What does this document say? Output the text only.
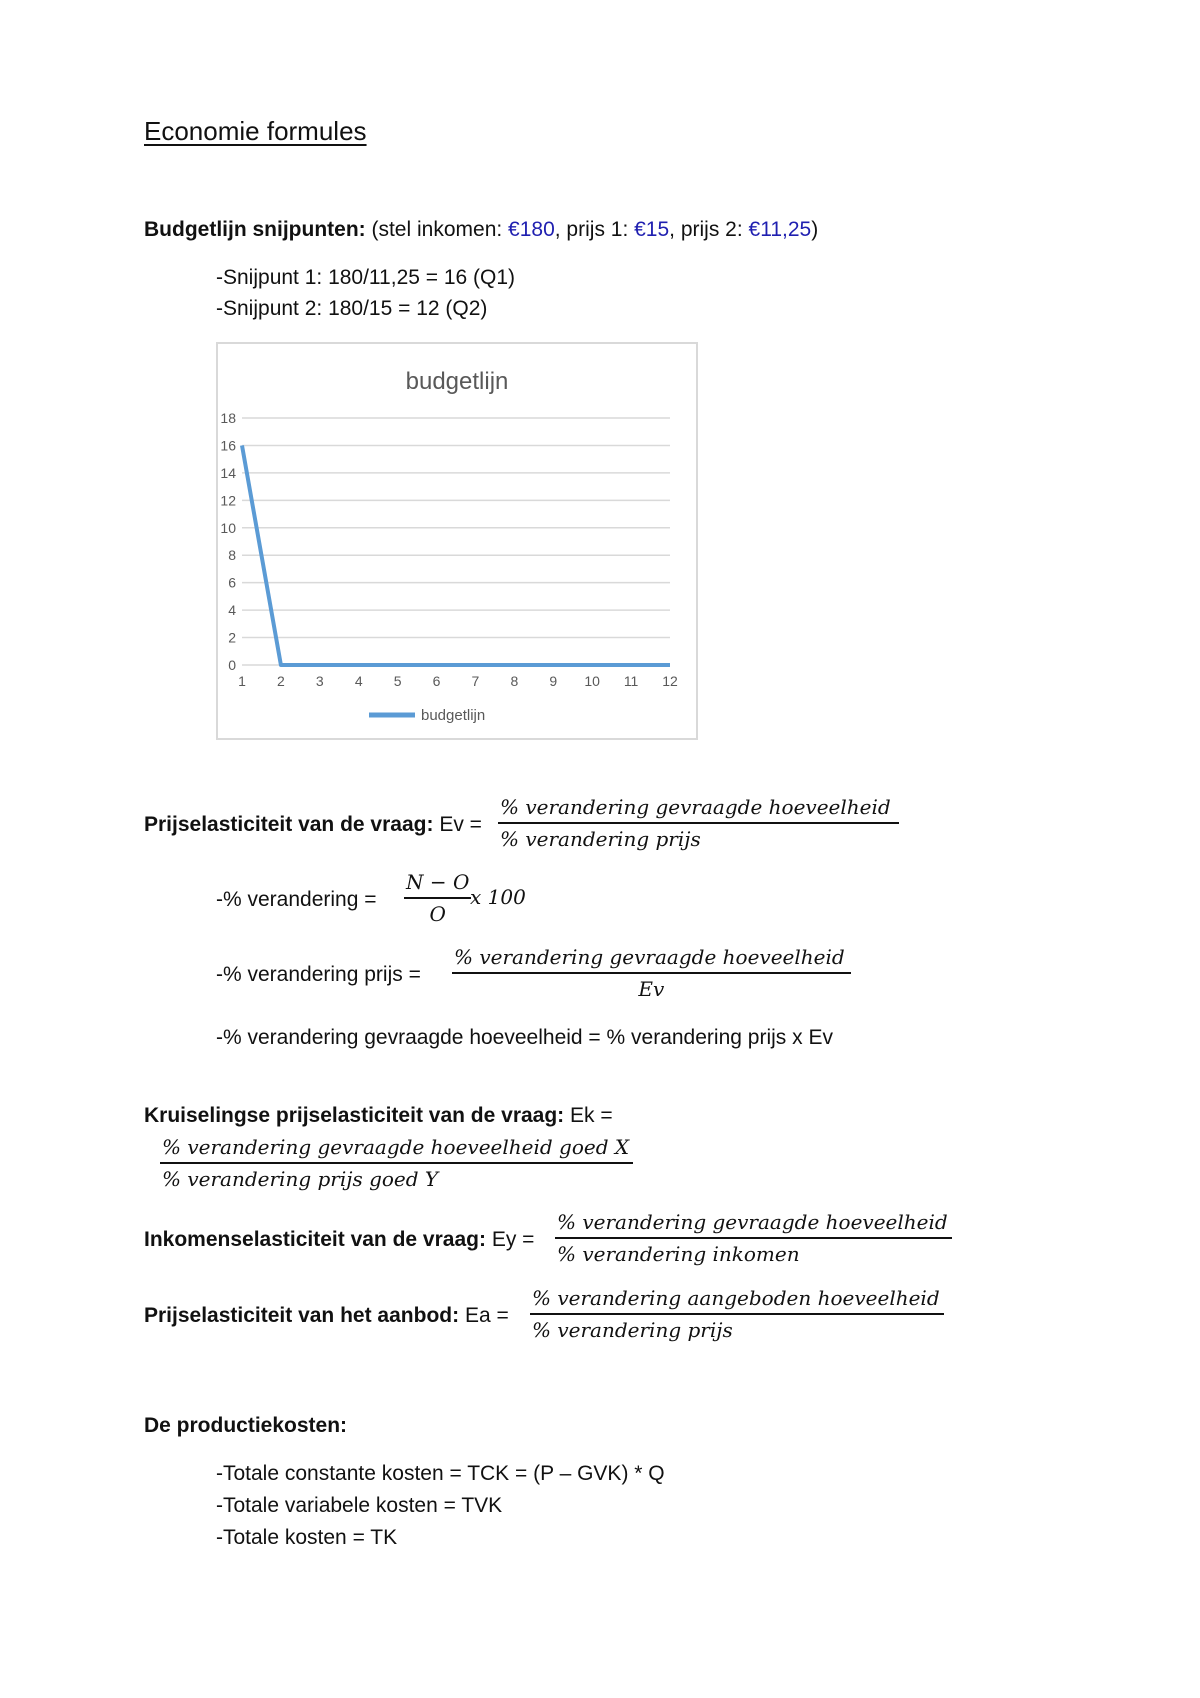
Economie formules
Budgetlijn snijpunten: (stel inkomen: €180, prijs 1: €15, prijs 2: €11,25)
-Snijpunt 1: 180/11,25 = 16 (Q1)
-Snijpunt 2: 180/15 = 12 (Q2)
budgetlijn
0
2
4
6
8
10
12
14
16
18
1 2 3 4 5 6 7 8 9 10 11 12
budgetlijn
Prijselasticiteit van de vraag: Ev =
% verandering gevraagde hoeveelheid
% verandering prijs
-% verandering = $\frac{N - O}{O}$
x 100
-% verandering prijs =
% verandering gevraagde hoeveelheid
Ev
-% verandering gevraagde hoeveelheid = % verandering prijs x Ev
Kruiselingse prijselasticiteit van de vraag: Ek =
% verandering gevraagde hoeveelheid goed X
% verandering prijs goed Y
Inkomenselasticiteit van de vraag: Ey =
% verandering gevraagde hoeveelheid
% verandering inkomen
Prijselasticiteit van het aanbod: Ea =
% verandering aangeboden hoeveelheid
% verandering prijs
De productiekosten:
-Totale constante kosten = TCK = (P – GVK) * Q
-Totale variabele kosten = TVK
-Totale kosten = TK
